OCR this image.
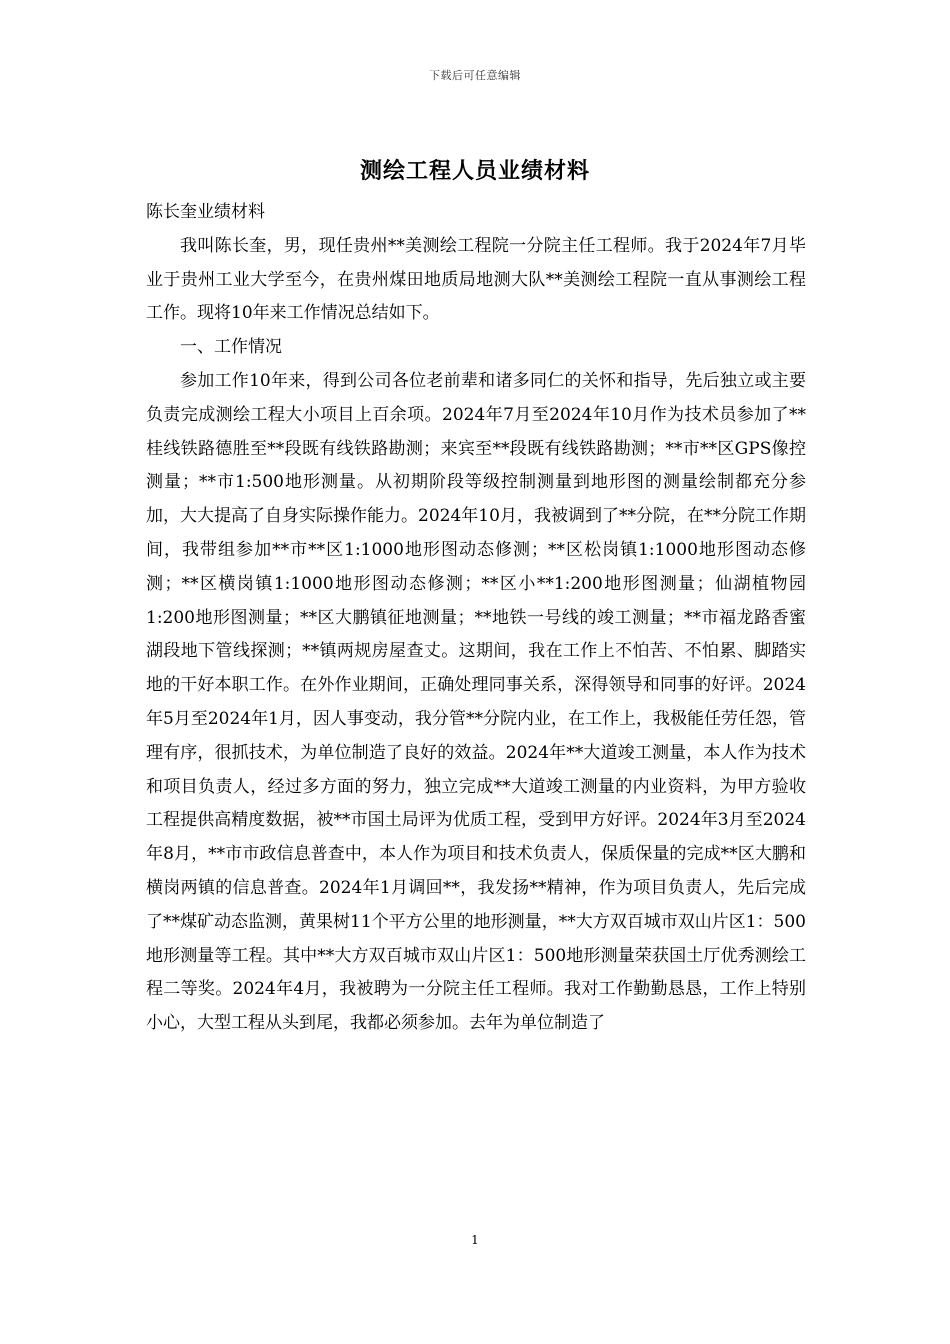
下载后可任意编辑
测绘工程人员业绩材料

陈长奎业绩材料

我叫陈长奎，男，现任贵州**美测绘工程院一分院主任工程师。我于2024年7月毕业于贵州工业大学至今，在贵州煤田地质局地测大队**美测绘工程院一直从事测绘工程工作。现将10年来工作情况总结如下。

一、工作情况

参加工作10年来，得到公司各位老前辈和诸多同仁的关怀和指导，先后独立或主要负责完成测绘工程大小项目上百余项。2024年7月至2024年10月作为技术员参加了**桂线铁路德胜至**段既有线铁路勘测；来宾至**段既有线铁路勘测；**市**区GPS像控测量；**市1:500地形测量。从初期阶段等级控制测量到地形图的测量绘制都充分参加，大大提高了自身实际操作能力。2024年10月，我被调到了**分院，在**分院工作期间，我带组参加**市**区1:1000地形图动态修测；**区松岗镇1:1000地形图动态修测；**区横岗镇1:1000地形图动态修测；**区小**1:200地形图测量；仙湖植物园1:200地形图测量；**区大鹏镇征地测量；**地铁一号线的竣工测量；**市福龙路香蜜湖段地下管线探测；**镇两规房屋查丈。这期间，我在工作上不怕苦、不怕累、脚踏实地的干好本职工作。在外作业期间，正确处理同事关系，深得领导和同事的好评。2024年5月至2024年1月，因人事变动，我分管**分院内业，在工作上，我极能任劳任怨，管理有序，很抓技术，为单位制造了良好的效益。2024年**大道竣工测量，本人作为技术和项目负责人，经过多方面的努力，独立完成**大道竣工测量的内业资料，为甲方验收工程提供高精度数据，被**市国土局评为优质工程，受到甲方好评。2024年3月至2024年8月，**市市政信息普查中，本人作为项目和技术负责人，保质保量的完成**区大鹏和横岗两镇的信息普查。2024年1月调回**，我发扬**精神，作为项目负责人，先后完成了**煤矿动态监测，黄果树11个平方公里的地形测量，**大方双百城市双山片区1：500地形测量等工程。其中**大方双百城市双山片区1：500地形测量荣获国土厅优秀测绘工程二等奖。2024年4月，我被聘为一分院主任工程师。我对工作勤勤恳恳，工作上特别小心，大型工程从头到尾，我都必须参加。去年为单位制造了

1
